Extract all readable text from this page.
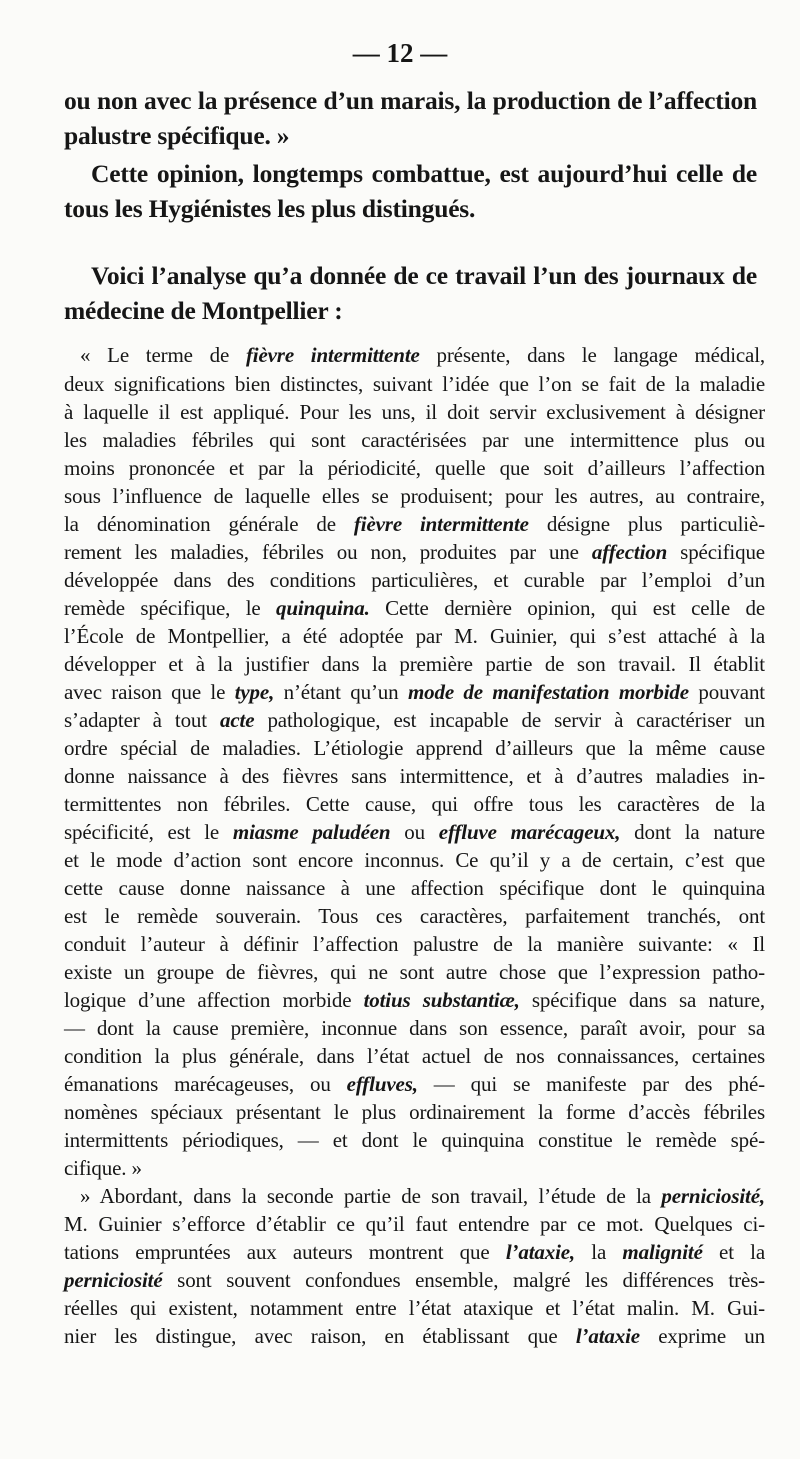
— 12 —
ou non avec la présence d’un marais, la production de l’affection
palustre spécifique. »
Cette opinion, longtemps combattue, est aujourd’hui celle de
tous les Hygiénistes les plus distingués.
Voici l’analyse qu’a donnée de ce travail l’un des journaux de
médecine de Montpellier :
« Le terme de fièvre intermittente présente, dans le langage médical,
deux significations bien distinctes, suivant l’idée que l’on se fait de la maladie
à laquelle il est appliqué. Pour les uns, il doit servir exclusivement à désigner
les maladies fébriles qui sont caractérisées par une intermittence plus ou
moins prononcée et par la périodicité, quelle que soit d’ailleurs l’affection
sous l’influence de laquelle elles se produisent; pour les autres, au contraire,
la dénomination générale de fièvre intermittente désigne plus particuliè-
rement les maladies, fébriles ou non, produites par une affection spécifique
développée dans des conditions particulières, et curable par l’emploi d’un
remède spécifique, le quinquina. Cette dernière opinion, qui est celle de
l’École de Montpellier, a été adoptée par M. Guinier, qui s’est attaché à la
développer et à la justifier dans la première partie de son travail. Il établit
avec raison que le type, n’étant qu’un mode de manifestation morbide pouvant
s’adapter à tout acte pathologique, est incapable de servir à caractériser un
ordre spécial de maladies. L’étiologie apprend d’ailleurs que la même cause
donne naissance à des fièvres sans intermittence, et à d’autres maladies in-
termittentes non fébriles. Cette cause, qui offre tous les caractères de la
spécificité, est le miasme paludéen ou effluve marécageux, dont la nature
et le mode d’action sont encore inconnus. Ce qu’il y a de certain, c’est que
cette cause donne naissance à une affection spécifique dont le quinquina
est le remède souverain. Tous ces caractères, parfaitement tranchés, ont
conduit l’auteur à définir l’affection palustre de la manière suivante: « Il
existe un groupe de fièvres, qui ne sont autre chose que l’expression patho-
logique d’une affection morbide totius substantiæ, spécifique dans sa nature,
— dont la cause première, inconnue dans son essence, paraît avoir, pour sa
condition la plus générale, dans l’état actuel de nos connaissances, certaines
émanations marécageuses, ou effluves, — qui se manifeste par des phé-
nomènes spéciaux présentant le plus ordinairement la forme d’accès fébriles
intermittents périodiques, — et dont le quinquina constitue le remède spé-
cifique. »
» Abordant, dans la seconde partie de son travail, l’étude de la perniciosité,
M. Guinier s’efforce d’établir ce qu’il faut entendre par ce mot. Quelques ci-
tations empruntées aux auteurs montrent que l’ataxie, la malignité et la
perniciosité sont souvent confondues ensemble, malgré les différences très-
réelles qui existent, notamment entre l’état ataxique et l’état malin. M. Gui-
nier les distingue, avec raison, en établissant que l’ataxie exprime un
